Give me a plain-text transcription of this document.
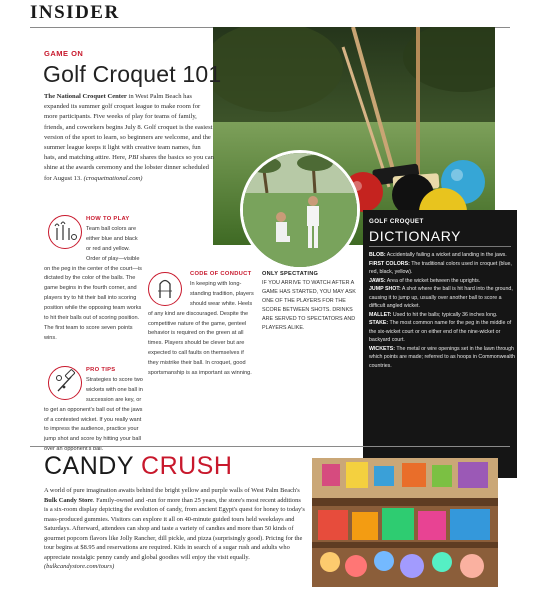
INSIDER
GAME ON
Golf Croquet 101
The National Croquet Center in West Palm Beach has expanded its summer golf croquet league to make room for more participants. Five weeks of play for teams of family, friends, and coworkers begins July 8. Golf croquet is the easiest version of the sport to learn, so beginners are welcome, and the summer league keeps it light with creative team names, fun hats, and matching attire. Here, PBI shares the basics so you can shine at the awards ceremony and the lobster dinner scheduled for August 13. (croquetnational.com)
HOW TO PLAY
Team ball colors are either blue and black or red and yellow. Order of play—visible on the peg in the center of the court—is dictated by the color of the balls. The game begins in the fourth corner, and players try to hit their ball into scoring position while the opposing team works to hit their balls out of scoring position. The first team to score seven points wins.
PRO TIPS
Strategies to score two wickets with one ball in succession are key, or to get an opponent's ball out of the jaws of a contested wicket. If you really want to impress the audience, practice your jump shot and score by hitting your ball over an opponent's ball.
CODE OF CONDUCT
In keeping with long-standing tradition, players should wear white. Heels of any kind are discouraged. Despite the competitive nature of the game, genteel behavior is required on the green at all times. Players should be clever but are expected to call faults on themselves if they mistrike their ball. In croquet, good sportsmanship is as important as winning.
ONLY SPECTATING
IF YOU ARRIVE TO WATCH AFTER A GAME HAS STARTED, YOU MAY ASK ONE OF THE PLAYERS FOR THE SCORE BETWEEN SHOTS. DRINKS ARE SERVED TO SPECTATORS AND PLAYERS ALIKE.
GOLF CROQUET
DICTIONARY
BLOB: Accidentally failing a wicket and landing in the jaws.
FIRST COLORS: The traditional colors used in croquet (blue, red, black, yellow).
JAWS: Area of the wicket between the uprights.
JUMP SHOT: A shot where the ball is hit hard into the ground, causing it to jump up, usually over another ball to score a difficult angled wicket.
MALLET: Used to hit the balls; typically 36 inches long.
STAKE: The most common name for the peg in the middle of the six-wicket court or on either end of the nine-wicket or backyard court.
WICKETS: The metal or wire openings set in the lawn through which points are made; referred to as hoops in Commonwealth countries.
CANDY CRUSH
A world of pure imagination awaits behind the bright yellow and purple walls of West Palm Beach's Bulk Candy Store. Family-owned and -run for more than 25 years, the store's most recent additions is a six-room display depicting the evolution of candy, from ancient Egypt's quest for honey to today's mass-produced gummies. Visitors can explore it all on 40-minute guided tours held weekdays and Saturdays. Afterward, attendees can shop and taste a variety of candies and more than 50 kinds of gourmet popcorn flavors like Jolly Rancher, dill pickle, and pizza (surprisingly good). Pricing for the tour begins at $8.95 and reservations are required. Kids in search of a sugar rush and adults who appreciate nostalgic penny candy and global goodies will enjoy the visit equally. (bulkcandystore.com/tours)
